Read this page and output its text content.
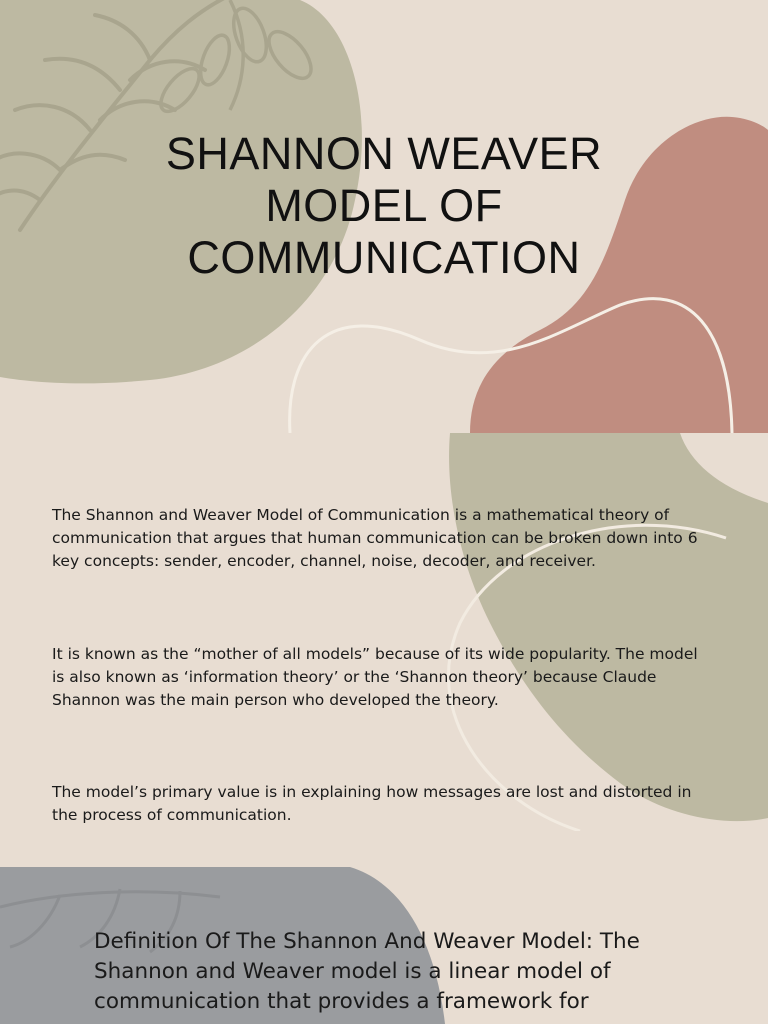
SHANNON WEAVER
MODEL OF
COMMUNICATION

The Shannon and Weaver Model of Communication is a mathematical theory of communication that argues that human communication can be broken down into 6 key concepts: sender, encoder, channel, noise, decoder, and receiver.

It is known as the “mother of all models” because of its wide popularity. The model is also known as ‘information theory’ or the ‘Shannon theory’ because Claude Shannon was the main person who developed the theory.

The model’s primary value is in explaining how messages are lost and distorted in the process of communication.

Definition Of The Shannon And Weaver Model: The Shannon and Weaver model is a linear model of communication that provides a framework for
